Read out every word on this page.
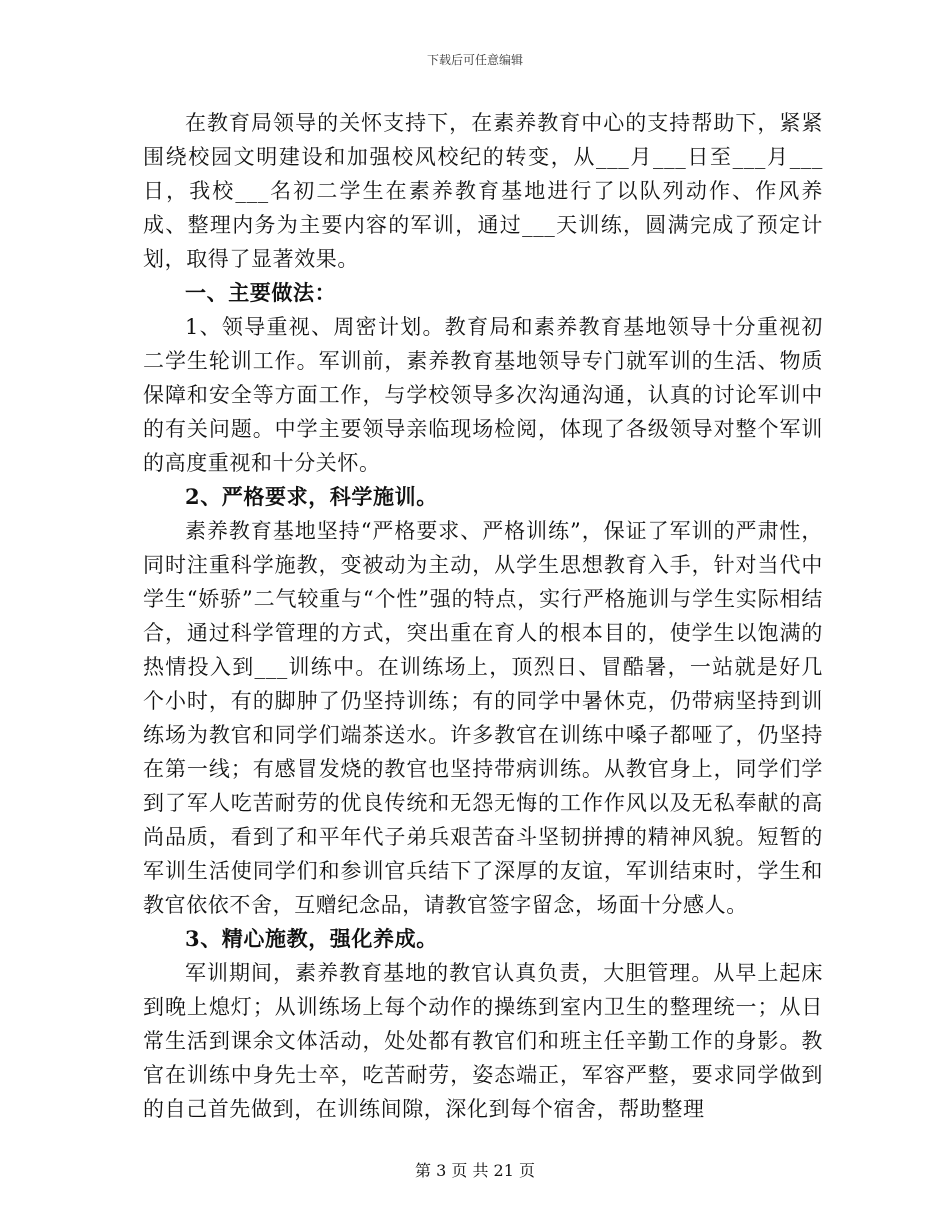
下载后可任意编辑

在教育局领导的关怀支持下，在素养教育中心的支持帮助下，紧紧围绕校园文明建设和加强校风校纪的转变，从___月___日至___月___日，我校___名初二学生在素养教育基地进行了以队列动作、作风养成、整理内务为主要内容的军训，通过___天训练，圆满完成了预定计划，取得了显著效果。

一、主要做法：

1、领导重视、周密计划。教育局和素养教育基地领导十分重视初二学生轮训工作。军训前，素养教育基地领导专门就军训的生活、物质保障和安全等方面工作，与学校领导多次沟通沟通，认真的讨论军训中的有关问题。中学主要领导亲临现场检阅，体现了各级领导对整个军训的高度重视和十分关怀。

2、严格要求，科学施训。

素养教育基地坚持“严格要求、严格训练”，保证了军训的严肃性，同时注重科学施教，变被动为主动，从学生思想教育入手，针对当代中学生“娇骄”二气较重与“个性”强的特点，实行严格施训与学生实际相结合，通过科学管理的方式，突出重在育人的根本目的，使学生以饱满的热情投入到___训练中。在训练场上，顶烈日、冒酷暑，一站就是好几个小时，有的脚肿了仍坚持训练；有的同学中暑休克，仍带病坚持到训练场为教官和同学们端茶送水。许多教官在训练中嗓子都哑了，仍坚持在第一线；有感冒发烧的教官也坚持带病训练。从教官身上，同学们学到了军人吃苦耐劳的优良传统和无怨无悔的工作作风以及无私奉献的高尚品质，看到了和平年代子弟兵艰苦奋斗坚韧拼搏的精神风貌。短暂的军训生活使同学们和参训官兵结下了深厚的友谊，军训结束时，学生和教官依依不舍，互赠纪念品，请教官签字留念，场面十分感人。

3、精心施教，强化养成。

军训期间，素养教育基地的教官认真负责，大胆管理。从早上起床到晚上熄灯；从训练场上每个动作的操练到室内卫生的整理统一；从日常生活到课余文体活动，处处都有教官们和班主任辛勤工作的身影。教官在训练中身先士卒，吃苦耐劳，姿态端正，军容严整，要求同学做到的自己首先做到，在训练间隙，深化到每个宿舍，帮助整理

第 3 页 共 21 页
